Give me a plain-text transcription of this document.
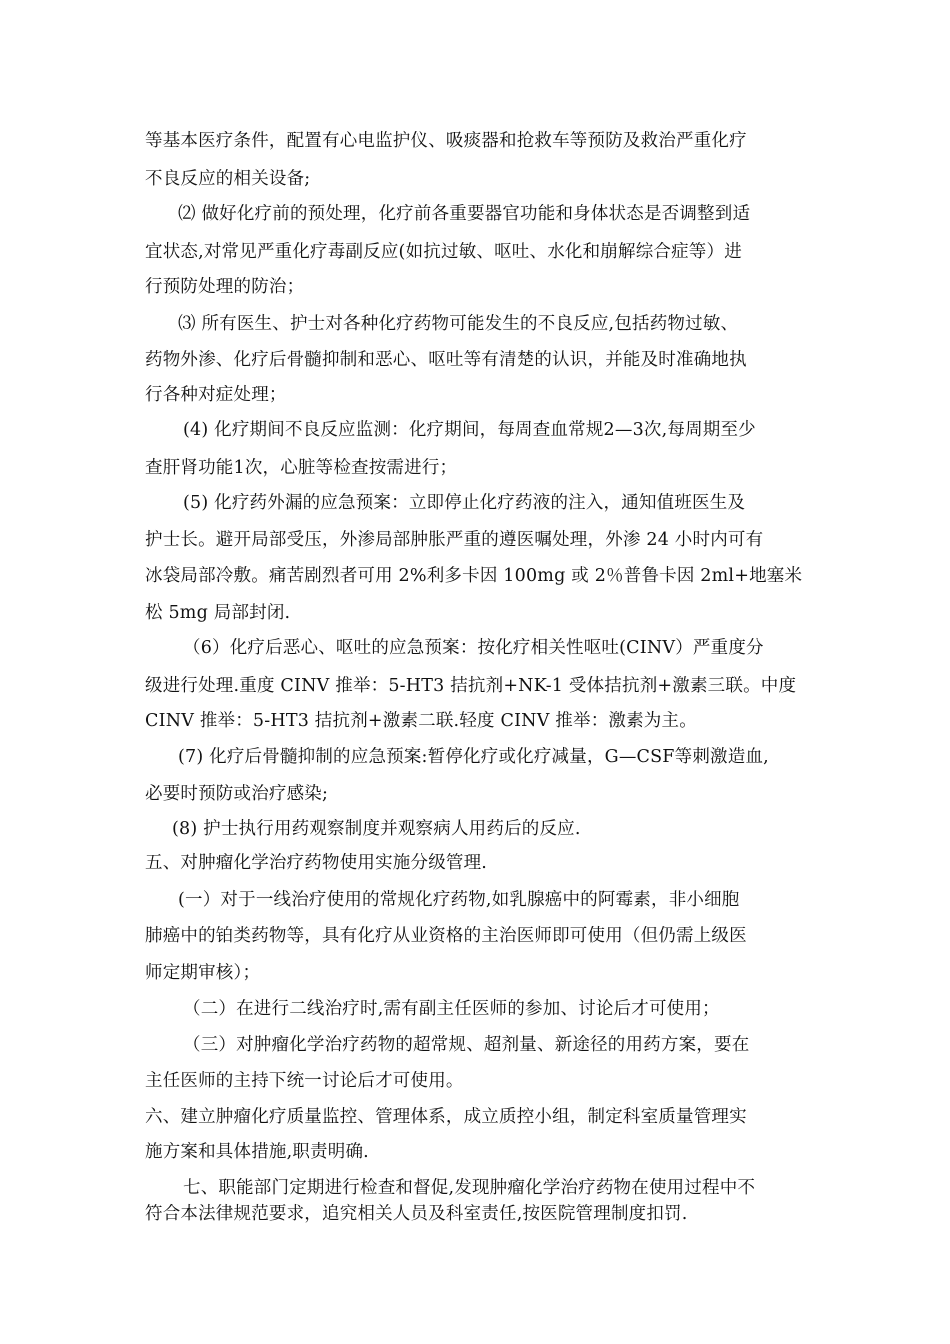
等基本医疗条件，配置有心电监护仪、吸痰器和抢救车等预防及救治严重化疗
不良反应的相关设备;
⑵ 做好化疗前的预处理，化疗前各重要器官功能和身体状态是否调整到适
宜状态,对常见严重化疗毒副反应(如抗过敏、呕吐、水化和崩解综合症等）进
行预防处理的防治；
⑶ 所有医生、护士对各种化疗药物可能发生的不良反应,包括药物过敏、
药物外渗、化疗后骨髓抑制和恶心、呕吐等有清楚的认识，并能及时准确地执
行各种对症处理；
(4) 化疗期间不良反应监测：化疗期间，每周查血常规2—3次,每周期至少
查肝肾功能1次，心脏等检查按需进行；
(5) 化疗药外漏的应急预案：立即停止化疗药液的注入，通知值班医生及
护士长。避开局部受压，外渗局部肿胀严重的遵医嘱处理，外渗 24 小时内可有
冰袋局部冷敷。痛苦剧烈者可用 2%利多卡因 100mg 或 2％普鲁卡因 2ml+地塞米
松 5mg 局部封闭.
（6）化疗后恶心、呕吐的应急预案：按化疗相关性呕吐(CINV）严重度分
级进行处理.重度 CINV 推举：5-HT3 拮抗剂+NK-1 受体拮抗剂+激素三联。中度
CINV 推举：5-HT3 拮抗剂+激素二联.轻度 CINV 推举：激素为主。
(7) 化疗后骨髓抑制的应急预案:暂停化疗或化疗减量，G—CSF等刺激造血,
必要时预防或治疗感染;
(8) 护士执行用药观察制度并观察病人用药后的反应.
五、对肿瘤化学治疗药物使用实施分级管理.
(一）对于一线治疗使用的常规化疗药物,如乳腺癌中的阿霉素，非小细胞
肺癌中的铂类药物等，具有化疗从业资格的主治医师即可使用（但仍需上级医
师定期审核）；
（二）在进行二线治疗时,需有副主任医师的参加、讨论后才可使用；
（三）对肿瘤化学治疗药物的超常规、超剂量、新途径的用药方案，要在
主任医师的主持下统一讨论后才可使用。
六、建立肿瘤化疗质量监控、管理体系，成立质控小组，制定科室质量管理实
施方案和具体措施,职责明确.
七、职能部门定期进行检查和督促,发现肿瘤化学治疗药物在使用过程中不
符合本法律规范要求，追究相关人员及科室责任,按医院管理制度扣罚.
